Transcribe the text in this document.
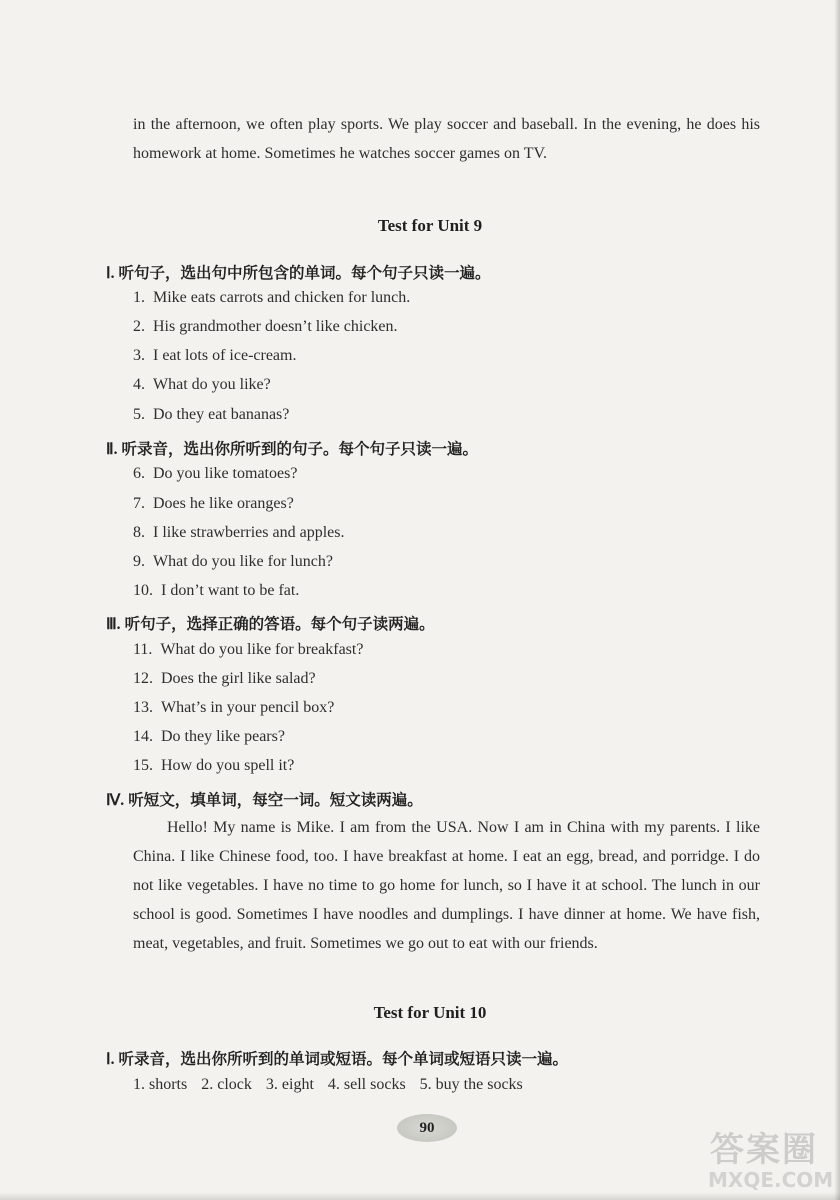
in the afternoon, we often play sports. We play soccer and baseball. In the evening, he does his homework at home. Sometimes he watches soccer games on TV.
Test for Unit 9
Ⅰ. 听句子，选出句中所包含的单词。每个句子只读一遍。
1. Mike eats carrots and chicken for lunch.
2. His grandmother doesn’t like chicken.
3. I eat lots of ice-cream.
4. What do you like?
5. Do they eat bananas?
Ⅱ. 听录音，选出你所听到的句子。每个句子只读一遍。
6. Do you like tomatoes?
7. Does he like oranges?
8. I like strawberries and apples.
9. What do you like for lunch?
10. I don’t want to be fat.
Ⅲ. 听句子，选择正确的答语。每个句子读两遍。
11. What do you like for breakfast?
12. Does the girl like salad?
13. What’s in your pencil box?
14. Do they like pears?
15. How do you spell it?
Ⅳ. 听短文，填单词，每空一词。短文读两遍。
Hello! My name is Mike. I am from the USA. Now I am in China with my parents. I like China. I like Chinese food, too. I have breakfast at home. I eat an egg, bread, and porridge. I do not like vegetables. I have no time to go home for lunch, so I have it at school. The lunch in our school is good. Sometimes I have noodles and dumplings. I have dinner at home. We have fish, meat, vegetables, and fruit. Sometimes we go out to eat with our friends.
Test for Unit 10
Ⅰ. 听录音，选出你所听到的单词或短语。每个单词或短语只读一遍。
1. shorts 2. clock 3. eight 4. sell socks 5. buy the socks
90
答案圈
MXQE.COM
